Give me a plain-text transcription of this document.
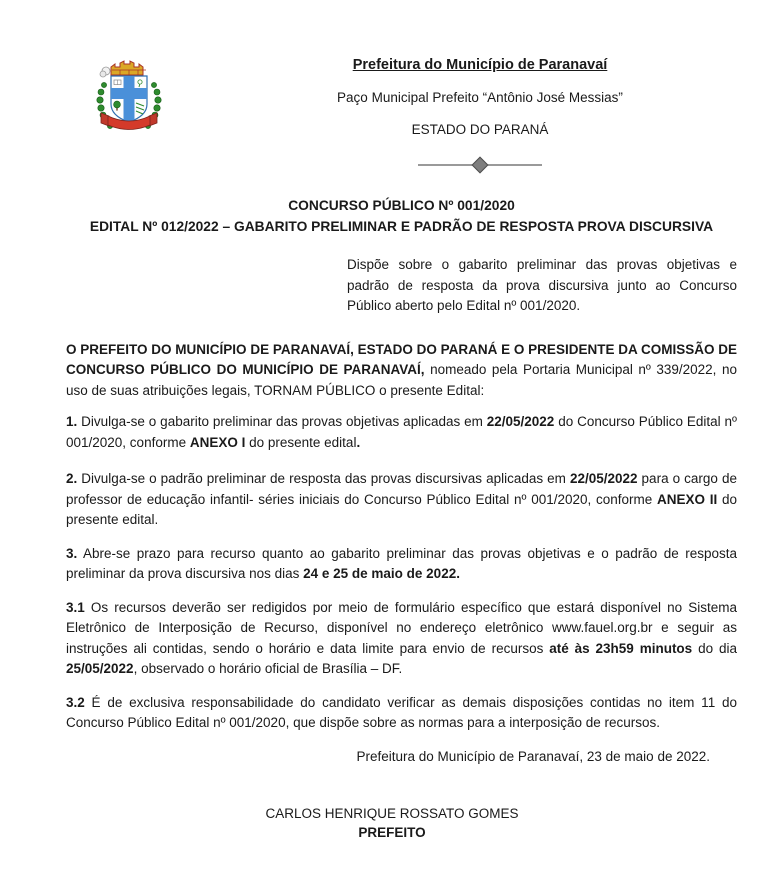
Prefeitura do Município de Paranavaí
Paço Municipal Prefeito “Antônio José Messias”
ESTADO DO PARANÁ
CONCURSO PÚBLICO Nº 001/2020
EDITAL Nº 012/2022 – GABARITO PRELIMINAR E PADRÃO DE RESPOSTA PROVA DISCURSIVA
Dispõe sobre o gabarito preliminar das provas objetivas e padrão de resposta da prova discursiva junto ao Concurso Público aberto pelo Edital nº 001/2020.

O PREFEITO DO MUNICÍPIO DE PARANAVAÍ, ESTADO DO PARANÁ E O PRESIDENTE DA COMISSÃO DE CONCURSO PÚBLICO DO MUNICÍPIO DE PARANAVAÍ, nomeado pela Portaria Municipal nº 339/2022, no uso de suas atribuições legais, TORNAM PÚBLICO o presente Edital:

1. Divulga-se o gabarito preliminar das provas objetivas aplicadas em 22/05/2022 do Concurso Público Edital nº 001/2020, conforme ANEXO I do presente edital.

2. Divulga-se o padrão preliminar de resposta das provas discursivas aplicadas em 22/05/2022 para o cargo de professor de educação infantil- séries iniciais do Concurso Público Edital nº 001/2020, conforme ANEXO II do presente edital.

3. Abre-se prazo para recurso quanto ao gabarito preliminar das provas objetivas e o padrão de resposta preliminar da prova discursiva nos dias 24 e 25 de maio de 2022.

3.1 Os recursos deverão ser redigidos por meio de formulário específico que estará disponível no Sistema Eletrônico de Interposição de Recurso, disponível no endereço eletrônico www.fauel.org.br e seguir as instruções ali contidas, sendo o horário e data limite para envio de recursos até às 23h59 minutos do dia 25/05/2022, observado o horário oficial de Brasília – DF.

3.2 É de exclusiva responsabilidade do candidato verificar as demais disposições contidas no item 11 do Concurso Público Edital nº 001/2020, que dispõe sobre as normas para a interposição de recursos.

Prefeitura do Município de Paranavaí, 23 de maio de 2022.
CARLOS HENRIQUE ROSSATO GOMES
PREFEITO
